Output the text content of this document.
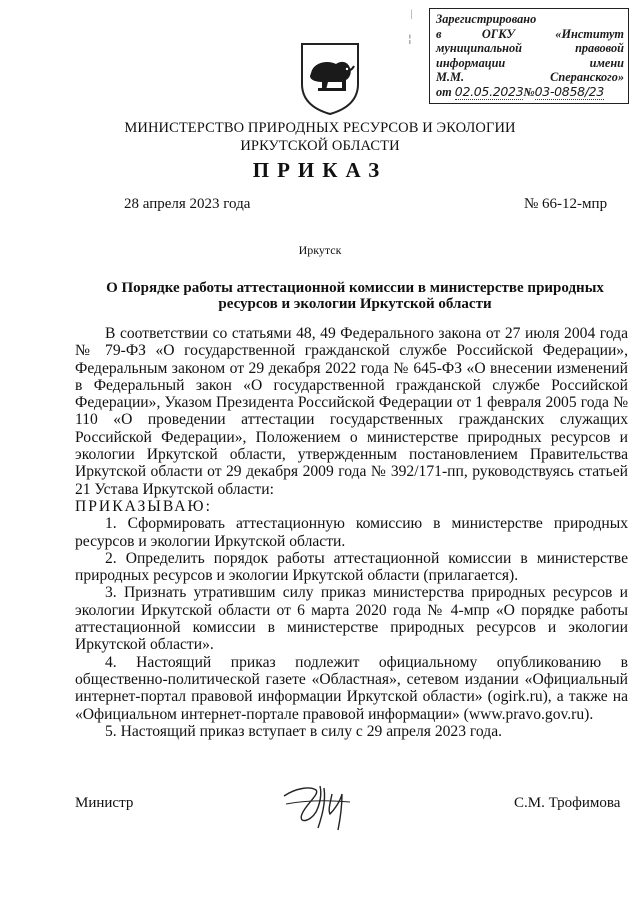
ᛁ
¦
Зарегистрировано
в ОГКУ «Институт
муниципальной правовой
информации имени
М.М. Сперанского»
от 02.05.2023№03-0858/23
МИНИСТЕРСТВО ПРИРОДНЫХ РЕСУРСОВ И ЭКОЛОГИИ
ИРКУТСКОЙ ОБЛАСТИ
ПРИКАЗ
28 апреля 2023 года	№ 66-12-мпр
Иркутск
О Порядке работы аттестационной комиссии в министерстве природных
ресурсов и экологии Иркутской области

В соответствии со статьями 48, 49 Федерального закона от 27 июля 2004 года № 79-ФЗ «О государственной гражданской службе Российской Федерации», Федеральным законом от 29 декабря 2022 года № 645-ФЗ «О внесении изменений в Федеральный закон «О государственной гражданской службе Российской Федерации», Указом Президента Российской Федерации от 1 февраля 2005 года № 110 «О проведении аттестации государственных гражданских служащих Российской Федерации», Положением о министерстве природных ресурсов и экологии Иркутской области, утвержденным постановлением Правительства Иркутской области от 29 декабря 2009 года № 392/171-пп, руководствуясь статьей 21 Устава Иркутской области:

ПРИКАЗЫВАЮ:

1. Сформировать аттестационную комиссию в министерстве природных ресурсов и экологии Иркутской области.

2. Определить порядок работы аттестационной комиссии в министерстве природных ресурсов и экологии Иркутской области (прилагается).

3. Признать утратившим силу приказ министерства природных ресурсов и экологии Иркутской области от 6 марта 2020 года № 4-мпр «О порядке работы аттестационной комиссии в министерстве природных ресурсов и экологии Иркутской области».

4. Настоящий приказ подлежит официальному опубликованию в общественно-политической газете «Областная», сетевом издании «Официальный интернет-портал правовой информации Иркутской области» (ogirk.ru), а также на «Официальном интернет-портале правовой информации» (www.pravo.gov.ru).

5. Настоящий приказ вступает в силу с 29 апреля 2023 года.

Министр	С.М. Трофимова
